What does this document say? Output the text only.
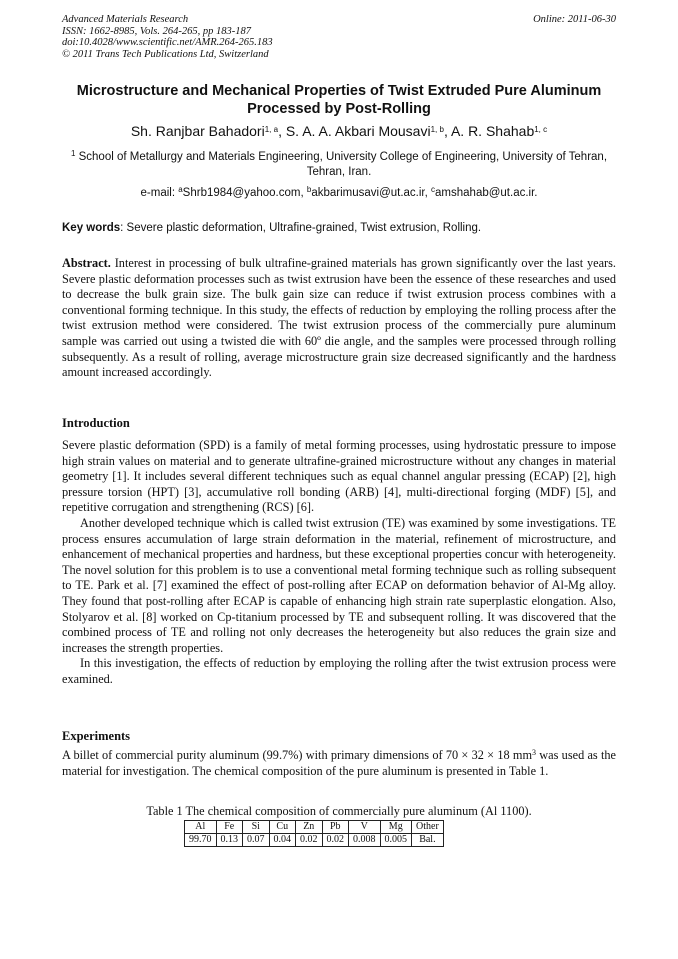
Advanced Materials Research
ISSN: 1662-8985, Vols. 264-265, pp 183-187
doi:10.4028/www.scientific.net/AMR.264-265.183
© 2011 Trans Tech Publications Ltd, Switzerland
Online: 2011-06-30
Microstructure and Mechanical Properties of Twist Extruded Pure Aluminum Processed by Post-Rolling
Sh. Ranjbar Bahadori$^{1, a}$, S. A. A. Akbari Mousavi$^{1, b}$, A. R. Shahab$^{1, c}$
$^1$ School of Metallurgy and Materials Engineering, University College of Engineering, University of Tehran, Tehran, Iran.
e-mail: $^a$Shrb1984@yahoo.com, $^b$akbarimusavi@ut.ac.ir, $^c$amshahab@ut.ac.ir.
Key words: Severe plastic deformation, Ultrafine-grained, Twist extrusion, Rolling.
Abstract. Interest in processing of bulk ultrafine-grained materials has grown significantly over the last years. Severe plastic deformation processes such as twist extrusion have been the essence of these researches and used to decrease the bulk grain size. The bulk gain size can reduce if twist extrusion process combines with a conventional forming technique. In this study, the effects of reduction by employing the rolling process after the twist extrusion method were considered. The twist extrusion process of the commercially pure aluminum sample was carried out using a twisted die with 60º die angle, and the samples were processed through rolling subsequently. As a result of rolling, average microstructure grain size decreased significantly and the hardness amount increased accordingly.
Introduction

Severe plastic deformation (SPD) is a family of metal forming processes, using hydrostatic pressure to impose high strain values on material and to generate ultrafine-grained microstructure without any changes in material geometry [1]. It includes several different techniques such as equal channel angular pressing (ECAP) [2], high pressure torsion (HPT) [3], accumulative roll bonding (ARB) [4], multi-directional forging (MDF) [5], and repetitive corrugation and strengthening (RCS) [6].

Another developed technique which is called twist extrusion (TE) was examined by some investigations. TE process ensures accumulation of large strain deformation in the material, refinement of microstructure, and enhancement of mechanical properties and hardness, but these exceptional properties concur with heterogeneity. The novel solution for this problem is to use a conventional metal forming technique such as rolling subsequent to TE. Park et al. [7] examined the effect of post-rolling after ECAP on deformation behavior of Al-Mg alloy. They found that post-rolling after ECAP is capable of enhancing high strain rate superplastic elongation. Also, Stolyarov et al. [8] worked on Cp-titanium processed by TE and subsequent rolling. It was discovered that the combined process of TE and rolling not only decreases the heterogeneity but also reduces the grain size and increases the strength properties.

In this investigation, the effects of reduction by employing the rolling after the twist extrusion process were examined.

Experiments
A billet of commercial purity aluminum (99.7%) with primary dimensions of 70 × 32 × 18 $mm^3$ was used as the material for investigation. The chemical composition of the pure aluminum is presented in Table 1.
Table 1 The chemical composition of commercially pure aluminum (Al 1100).
Al	Fe	Si	Cu	Zn	Pb	V	Mg	Other
99.70	0.13	0.07	0.04	0.02	0.02	0.008	0.005	Bal.
